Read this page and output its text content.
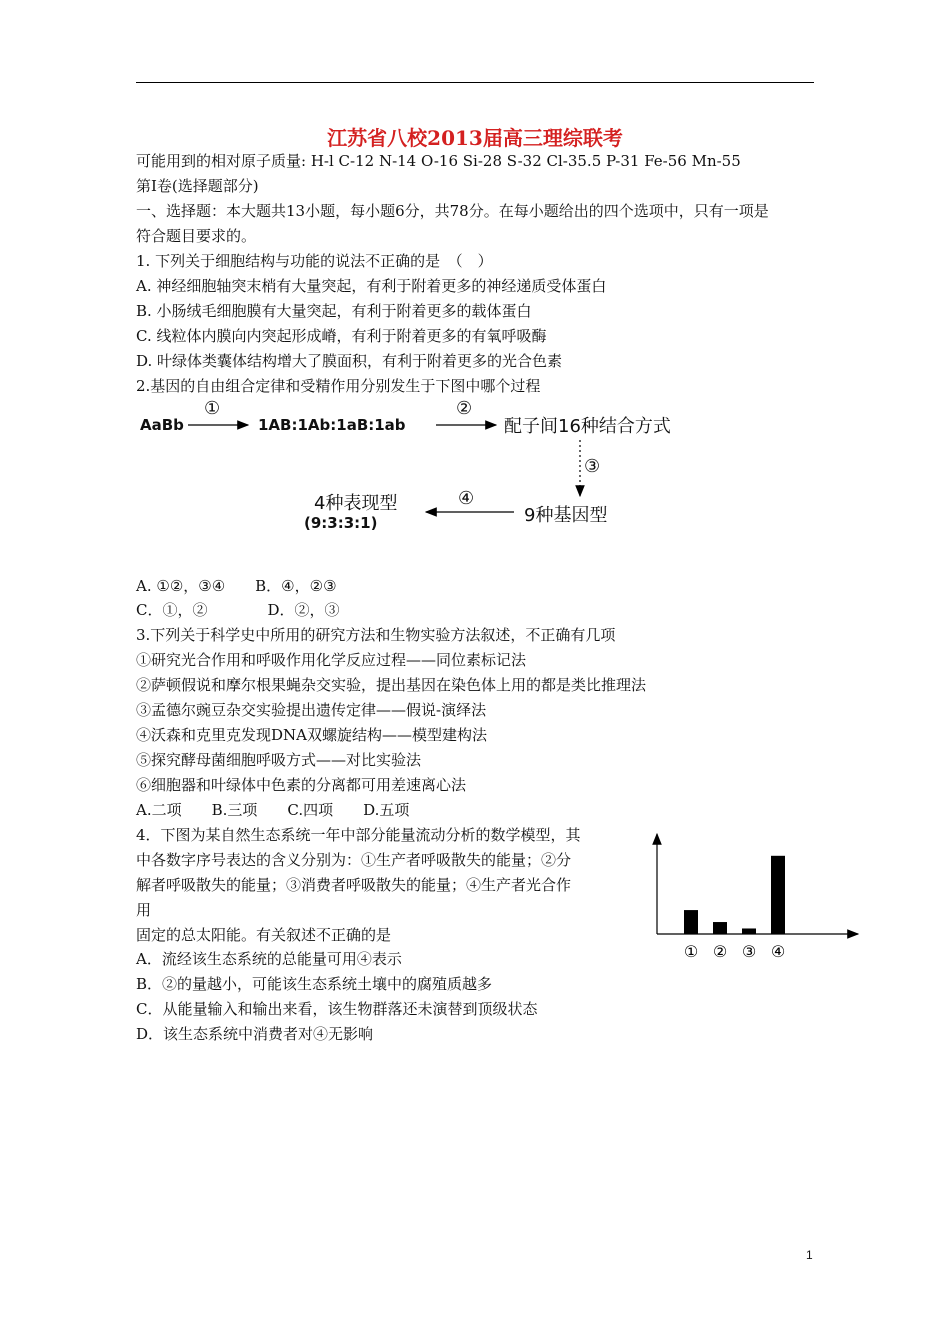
江苏省八校2013届高三理综联考
可能用到的相对原子质量: H-l C-12 N-14 O-16 Si-28 S-32 Cl-35.5 P-31 Fe-56 Mn-55
第Ⅰ卷(选择题部分)
一、选择题：本大题共13小题，每小题6分，共78分。在每小题给出的四个选项中，只有一项是
符合题目要求的。
1. 下列关于细胞结构与功能的说法不正确的是　（　）
A. 神经细胞轴突末梢有大量突起，有利于附着更多的神经递质受体蛋白
B. 小肠绒毛细胞膜有大量突起，有利于附着更多的载体蛋白
C. 线粒体内膜向内突起形成嵴，有利于附着更多的有氧呼吸酶
D. 叶绿体类囊体结构增大了膜面积，有利于附着更多的光合色素
2.基因的自由组合定律和受精作用分别发生于下图中哪个过程
AaBb
①
1AB:1Ab:1aB:1ab
②
配子间16种结合方式
③
9种基因型
④
4种表现型
(9:3:3:1)
A. ①②，③④　　B．④，②③
C．①，②　　　　D．②，③
3.下列关于科学史中所用的研究方法和生物实验方法叙述，不正确有几项
①研究光合作用和呼吸作用化学反应过程——同位素标记法
②萨顿假说和摩尔根果蝇杂交实验，提出基因在染色体上用的都是类比推理法
③孟德尔豌豆杂交实验提出遗传定律——假说-演绎法
④沃森和克里克发现DNA双螺旋结构——模型建构法
⑤探究酵母菌细胞呼吸方式——对比实验法
⑥细胞器和叶绿体中色素的分离都可用差速离心法
A.二项　　B.三项　　C.四项　　D.五项
4．下图为某自然生态系统一年中部分能量流动分析的数学模型，其
中各数字序号表达的含义分别为：①生产者呼吸散失的能量；②分
解者呼吸散失的能量；③消费者呼吸散失的能量；④生产者光合作
用
固定的总太阳能。有关叙述不正确的是
A．流经该生态系统的总能量可用④表示
B．②的量越小，可能该生态系统土壤中的腐殖质越多
C．从能量输入和输出来看，该生物群落还未演替到顶级状态
D．该生态系统中消费者对④无影响
① ② ③ ④
1
